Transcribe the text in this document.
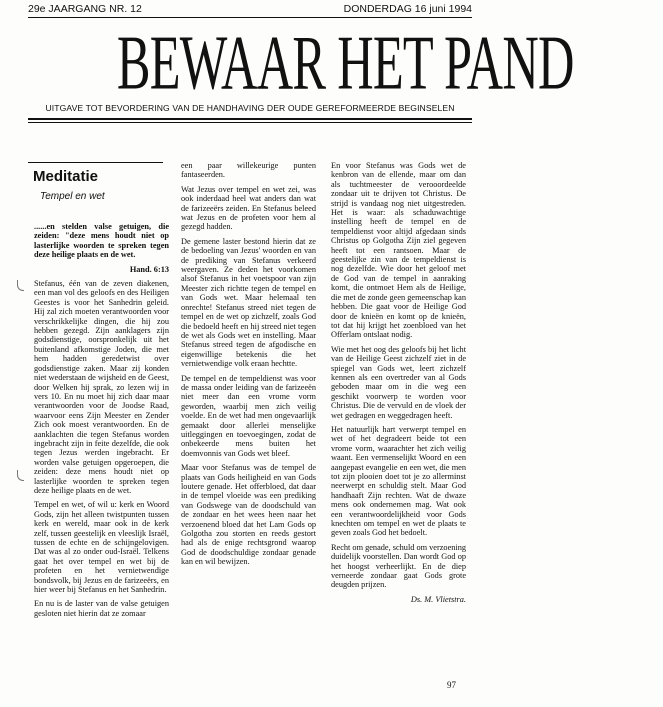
29e JAARGANG NR. 12	DONDERDAG 16 juni 1994
BEWAAR HET PAND
UITGAVE TOT BEVORDERING VAN DE HANDHAVING DER OUDE GEREFORMEERDE BEGINSELEN
Meditatie
Tempel en wet

......en stelden valse getuigen, die zeiden: "deze mens houdt niet op lasterlijke woorden te spreken tegen deze heilige plaats en de wet.

Hand. 6:13

Stefanus, één van de zeven diakenen, een man vol des geloofs en des Heiligen Geestes is voor het Sanhedrin geleid. Hij zal zich moeten verantwoorden voor verschrikkelijke dingen, die hij zou hebben gezegd. Zijn aanklagers zijn godsdienstige, oorspronkelijk uit het buitenland afkomstige Joden, die met hem hadden geredetwist over godsdienstige zaken. Maar zij konden niet wederstaan de wijsheid en de Geest, door Welken hij sprak, zo lezen wij in vers 10. En nu moet hij zich daar maar verantwoorden voor de Joodse Raad, waarvoor eens Zijn Meester en Zender Zich ook moest verantwoorden. En de aanklachten die tegen Stefanus worden ingebracht zijn in feite dezelfde, die ook tegen Jezus werden ingebracht. Er worden valse getuigen opgeroepen, die zeiden: deze mens houdt niet op lasterlijke woorden te spreken tegen deze heilige plaats en de wet.

Tempel en wet, of wil u: kerk en Woord Gods, zijn het alleen twistpunten tussen kerk en wereld, maar ook in de kerk zelf, tussen geestelijk en vleeslijk Israël, tussen de echte en de schijngelovigen. Dat was al zo onder oud-Israël. Telkens gaat het over tempel en wet bij de profeten en het vernietwendige bondsvolk, bij Jezus en de farizeeërs, en hier weer bij Stefanus en het Sanhedrin.

En nu is de laster van de valse getuigen gesloten niet hierin dat ze zomaar

een paar willekeurige punten fantaseerden.

Wat Jezus over tempel en wet zei, was ook inderdaad heel wat anders dan wat de farizeeërs zeiden. En Stefanus beleed wat Jezus en de profeten voor hem al gezegd hadden.

De gemene laster bestond hierin dat ze de bedoeling van Jezus' woorden en van de prediking van Stefanus verkeerd weergaven. Ze deden het voorkomen alsof Stefanus in het voetspoor van zijn Meester zich richtte tegen de tempel en van Gods wet. Maar helemaal ten onrechte! Stefanus streed niet tegen de tempel en de wet op zichzelf, zoals God die bedoeld heeft en hij streed niet tegen de wet als Gods wet en instelling. Maar Stefanus streed tegen de afgodische en eigenwillige betekenis die het vernietwendige volk eraan hechtte.

De tempel en de tempeldienst was voor de massa onder leiding van de farizeeën niet meer dan een vrome vorm geworden, waarbij men zich veilig voelde. En de wet had men ongevaarlijk gemaakt door allerlei menselijke uitleggingen en toevoegingen, zodat de onbekeerde mens buiten het doemvonnis van Gods wet bleef.

Maar voor Stefanus was de tempel de plaats van Gods heiligheid en van Gods loutere genade. Het offerbloed, dat daar in de tempel vloeide was een prediking van Godswege van de doodschuld van de zondaar en het wees heen naar het verzoenend bloed dat het Lam Gods op Golgotha zou storten en reeds gestort had als de enige rechtsgrond waarop God de doodschuldige zondaar genade kan en wil bewijzen.

En voor Stefanus was Gods wet de kenbron van de ellende, maar om dan als tuchtmeester de verooordeelde zondaar uit te drijven tot Christus. De strijd is vandaag nog niet uitgestreden. Het is waar: als schaduwachtige instelling heeft de tempel en de tempeldienst voor altijd afgedaan sinds Christus op Golgotha Zijn ziel gegeven heeft tot een rantsoen. Maar de geestelijke zin van de tempeldienst is nog dezelfde. Wie door het geloof met de God van de tempel in aanraking komt, die ontmoet Hem als de Heilige, die met de zonde geen gemeenschap kan hebben. Die gaat voor de Heilige God door de knieën en komt op de knieën, tot dat hij krijgt het zoenbloed van het Offerlam ontslaat nodig.

Wie met het oog des geloofs bij het licht van de Heilige Geest zichzelf ziet in de spiegel van Gods wet, leert zichzelf kennen als een overtreder van al Gods geboden maar om in die weg een geschikt voorwerp te worden voor Christus. Die de vervuld en de vloek der wet gedragen en weggedragen heeft.

Het natuurlijk hart verwerpt tempel en wet of het degradeert beide tot een vrome vorm, waarachter het zich veilig waant. Een vermenselijkt Woord en een aangepast evangelie en een wet, die men tot zijn plooien doet tot je zo allerminst neerwerpt en schuldig stelt. Maar God handhaaft Zijn rechten. Wat de dwaze mens ook ondernemen mag. Wat ook een verantwoordelijkheid voor Gods knechten om tempel en wet de plaats te geven zoals God het bedoelt.

Recht om genade, schuld om verzoening duidelijk voorstellen. Dan wordt God op het hoogst verheerlijkt. En de diep verneerde zondaar gaat Gods grote deugden prijzen.

Ds. M. Vlietstra.

97
